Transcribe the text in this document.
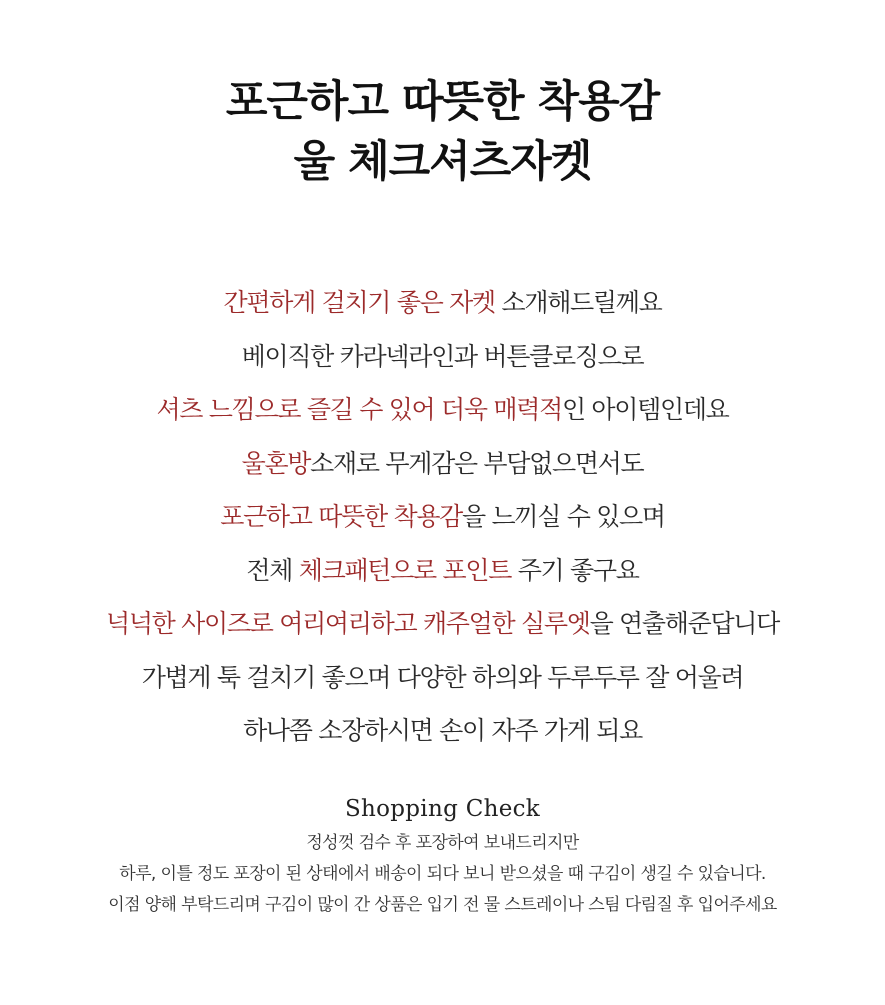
포근하고 따뜻한 착용감
울 체크셔츠자켓
간편하게 걸치기 좋은 자켓 소개해드릴께요
베이직한 카라넥라인과 버튼클로징으로
셔츠 느낌으로 즐길 수 있어 더욱 매력적인 아이템인데요
울혼방소재로 무게감은 부담없으면서도
포근하고 따뜻한 착용감을 느끼실 수 있으며
전체 체크패턴으로 포인트 주기 좋구요
넉넉한 사이즈로 여리여리하고 캐주얼한 실루엣을 연출해준답니다
가볍게 툭 걸치기 좋으며 다양한 하의와 두루두루 잘 어울려
하나쯤 소장하시면 손이 자주 가게 되요
Shopping Check
정성껏 검수 후 포장하여 보내드리지만
하루, 이틀 정도 포장이 된 상태에서 배송이 되다 보니 받으셨을 때 구김이 생길 수 있습니다.
이점 양해 부탁드리며 구김이 많이 간 상품은 입기 전 물 스트레이나 스팀 다림질 후 입어주세요
